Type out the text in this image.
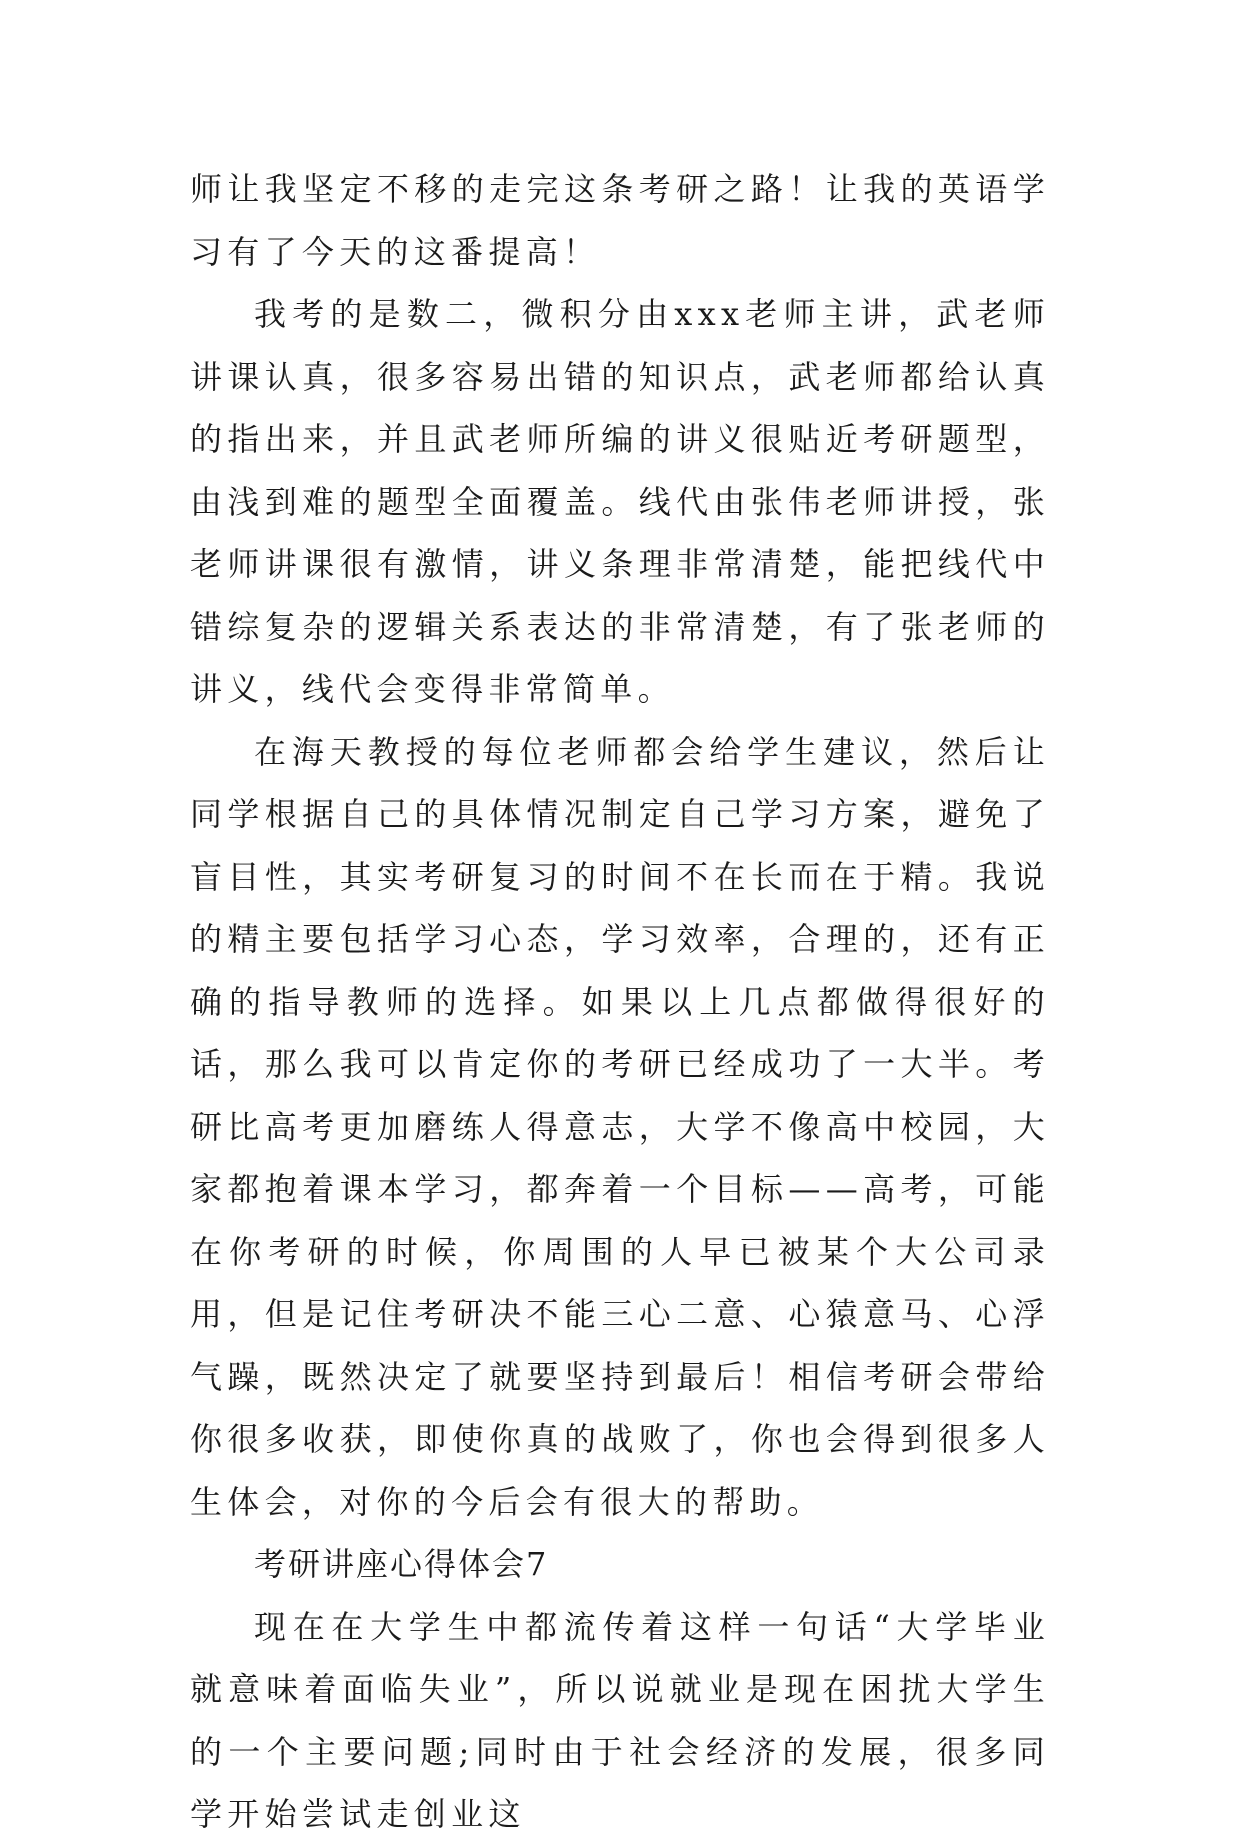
师让我坚定不移的走完这条考研之路！让我的英语学习有了今天的这番提高！

我考的是数二，微积分由xxx老师主讲，武老师讲课认真，很多容易出错的知识点，武老师都给认真的指出来，并且武老师所编的讲义很贴近考研题型，由浅到难的题型全面覆盖。线代由张伟老师讲授，张老师讲课很有激情，讲义条理非常清楚，能把线代中错综复杂的逻辑关系表达的非常清楚，有了张老师的讲义，线代会变得非常简单。

在海天教授的每位老师都会给学生建议，然后让同学根据自己的具体情况制定自己学习方案，避免了盲目性，其实考研复习的时间不在长而在于精。我说的精主要包括学习心态，学习效率，合理的，还有正确的指导教师的选择。如果以上几点都做得很好的话，那么我可以肯定你的考研已经成功了一大半。考研比高考更加磨练人得意志，大学不像高中校园，大家都抱着课本学习，都奔着一个目标——高考，可能在你考研的时候，你周围的人早已被某个大公司录用，但是记住考研决不能三心二意、心猿意马、心浮气躁，既然决定了就要坚持到最后！相信考研会带给你很多收获，即使你真的战败了，你也会得到很多人生体会，对你的今后会有很大的帮助。

考研讲座心得体会7

现在在大学生中都流传着这样一句话“大学毕业就意味着面临失业”，所以说就业是现在困扰大学生的一个主要问题;同时由于社会经济的发展，很多同学开始尝试走创业这
